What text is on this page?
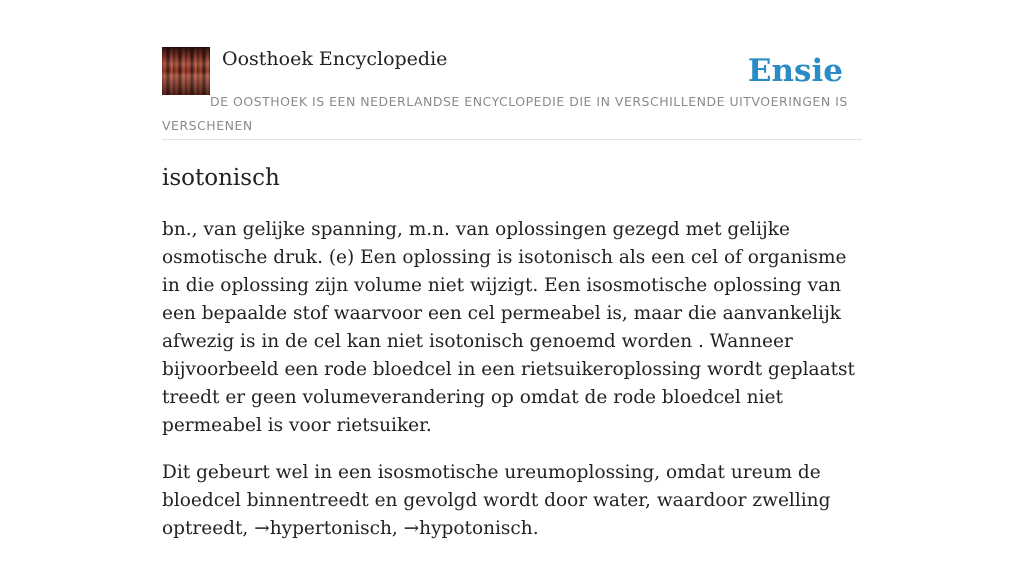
Oosthoek Encyclopedie	Ensie
DE OOSTHOEK IS EEN NEDERLANDSE ENCYCLOPEDIE DIE IN VERSCHILLENDE UITVOERINGEN IS VERSCHENEN
isotonisch

bn., van gelijke spanning, m.n. van oplossingen gezegd met gelijke osmotische druk. (e) Een oplossing is isotonisch als een cel of organisme in die oplossing zijn volume niet wijzigt. Een isosmotische oplossing van een bepaalde stof waarvoor een cel permeabel is, maar die aanvankelijk afwezig is in de cel kan niet isotonisch genoemd worden . Wanneer bijvoorbeeld een rode bloedcel in een rietsuikeroplossing wordt geplaatst treedt er geen volumeverandering op omdat de rode bloedcel niet permeabel is voor rietsuiker.

Dit gebeurt wel in een isosmotische ureumoplossing, omdat ureum de bloedcel binnentreedt en gevolgd wordt door water, waardoor zwelling optreedt, →hypertonisch, →hypotonisch.
